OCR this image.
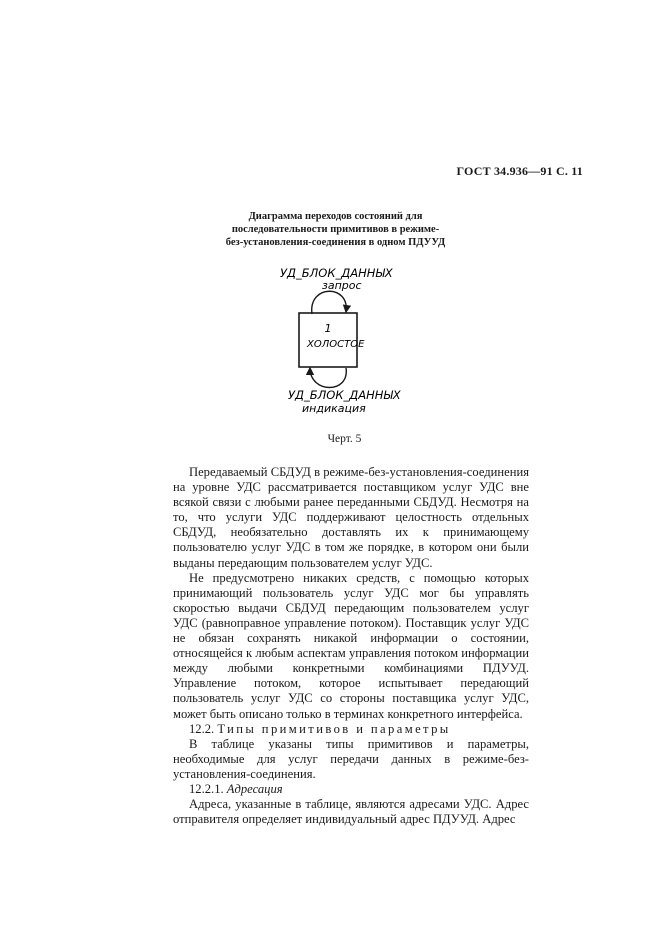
ГОСТ 34.936—91 С. 11
Диаграмма переходов состояний для
последовательности примитивов в режиме-
без-установления-соединения в одном ПДУУД
УД_БЛОК_ДАННЫХ
запрос
1
ХОЛОСТОЕ
УД_БЛОК_ДАННЫХ
индикация
Черт. 5

Передаваемый СБДУД в режиме-без-установления-соединения на уровне УДС рассматривается поставщиком услуг УДС вне всякой связи с любыми ранее переданными СБДУД. Несмотря на то, что услуги УДС поддерживают целостность отдельных СБДУД, необязательно доставлять их к принимающему пользователю услуг УДС в том же порядке, в котором они были выданы передающим пользователем услуг УДС.

Не предусмотрено никаких средств, с помощью которых принимающий пользователь услуг УДС мог бы управлять скоростью выдачи СБДУД передающим пользователем услуг УДС (равноправное управление потоком). Поставщик услуг УДС не обязан сохранять никакой информации о состоянии, относящейся к любым аспектам управления потоком информации между любыми конкретными комбинациями ПДУУД. Управление потоком, которое испытывает передающий пользователь услуг УДС со стороны поставщика услуг УДС, может быть описано только в терминах конкретного интерфейса.

12.2. Типы примитивов и параметры

В таблице указаны типы примитивов и параметры, необходимые для услуг передачи данных в режиме-без-установления-соединения.

12.2.1. Адресация

Адреса, указанные в таблице, являются адресами УДС. Адрес отправителя определяет индивидуальный адрес ПДУУД. Адрес
